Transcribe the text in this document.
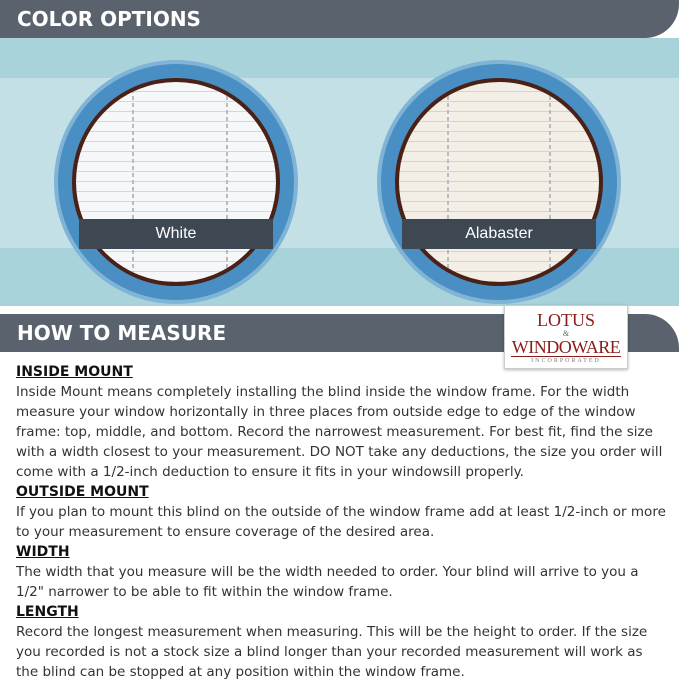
COLOR OPTIONS
White	Alabaster
HOW TO MEASURE
LOTUS
&
WINDOWARE
INCORPORATED
INSIDE MOUNT

Inside Mount means completely installing the blind inside the window frame. For the width measure your window horizontally in three places from outside edge to edge of the window frame: top, middle, and bottom. Record the narrowest measurement. For best fit, find the size with a width closest to your measurement. DO NOT take any deductions, the size you order will come with a 1/2-inch deduction to ensure it fits in your windowsill properly.

OUTSIDE MOUNT

If you plan to mount this blind on the outside of the window frame add at least 1/2-inch or more to your measurement to ensure coverage of the desired area.

WIDTH

The width that you measure will be the width needed to order. Your blind will arrive to you a 1/2" narrower to be able to fit within the window frame.

LENGTH

Record the longest measurement when measuring. This will be the height to order. If the size you recorded is not a stock size a blind longer than your recorded measurement will work as the blind can be stopped at any position within the window frame.
